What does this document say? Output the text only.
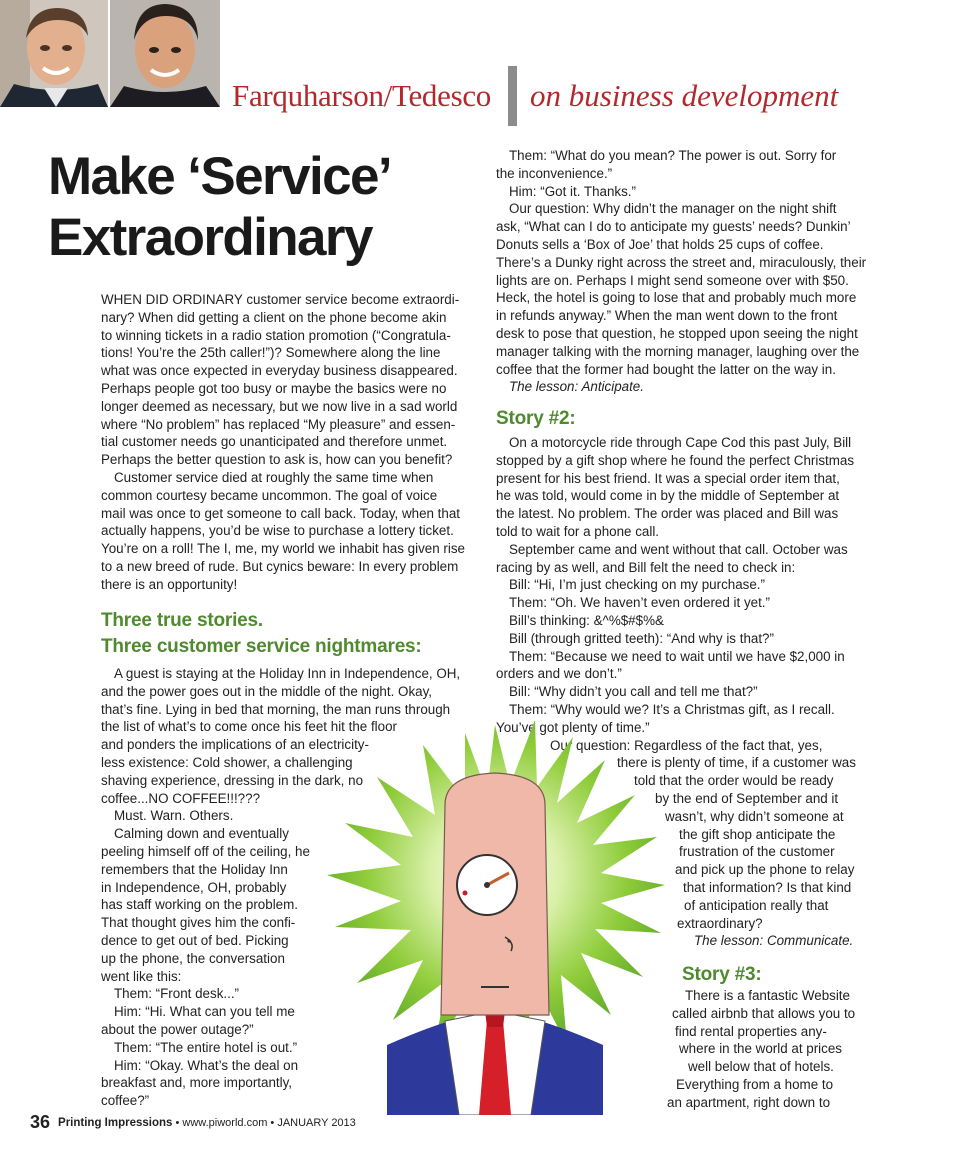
Farquharson/Tedesco on business development
Make ‘Service’
Extraordinary
Three true stories.
Three customer service nightmares:
Story #2:
Story #3:
WHEN DID ORDINARY customer service become extraordi-
nary? When did getting a client on the phone become akin
to winning tickets in a radio station promotion (“Congratula-
tions! You’re the 25th caller!”)? Somewhere along the line
what was once expected in everyday business disappeared.
Perhaps people got too busy or maybe the basics were no
longer deemed as necessary, but we now live in a sad world
where “No problem” has replaced “My pleasure” and essen-
tial customer needs go unanticipated and therefore unmet.
Perhaps the better question to ask is, how can you benefit?
Customer service died at roughly the same time when
common courtesy became uncommon. The goal of voice
mail was once to get someone to call back. Today, when that
actually happens, you’d be wise to purchase a lottery ticket.
You’re on a roll! The I, me, my world we inhabit has given rise
to a new breed of rude. But cynics beware: In every problem
there is an opportunity!
A guest is staying at the Holiday Inn in Independence, OH,
and the power goes out in the middle of the night. Okay,
that’s fine. Lying in bed that morning, the man runs through
the list of what’s to come once his feet hit the floor
and ponders the implications of an electricity-
less existence: Cold shower, a challenging
shaving experience, dressing in the dark, no
coffee...NO COFFEE!!!???
Must. Warn. Others.
Calming down and eventually
peeling himself off of the ceiling, he
remembers that the Holiday Inn
in Independence, OH, probably
has staff working on the problem.
That thought gives him the confi-
dence to get out of bed. Picking
up the phone, the conversation
went like this:
Them: “Front desk...”
Him: “Hi. What can you tell me
about the power outage?”
Them: “The entire hotel is out.”
Him: “Okay. What’s the deal on
breakfast and, more importantly,
coffee?”
Them: “What do you mean? The power is out. Sorry for
the inconvenience.”
Him: “Got it. Thanks.”
Our question: Why didn’t the manager on the night shift
ask, “What can I do to anticipate my guests’ needs? Dunkin’
Donuts sells a ‘Box of Joe’ that holds 25 cups of coffee.
There’s a Dunky right across the street and, miraculously, their
lights are on. Perhaps I might send someone over with $50.
Heck, the hotel is going to lose that and probably much more
in refunds anyway.” When the man went down to the front
desk to pose that question, he stopped upon seeing the night
manager talking with the morning manager, laughing over the
coffee that the former had bought the latter on the way in.
The lesson: Anticipate.
On a motorcycle ride through Cape Cod this past July, Bill
stopped by a gift shop where he found the perfect Christmas
present for his best friend. It was a special order item that,
he was told, would come in by the middle of September at
the latest. No problem. The order was placed and Bill was
told to wait for a phone call.
September came and went without that call. October was
racing by as well, and Bill felt the need to check in:
Bill: “Hi, I’m just checking on my purchase.”
Them: “Oh. We haven’t even ordered it yet.”
Bill’s thinking: &^%$#$%&
Bill (through gritted teeth): “And why is that?”
Them: “Because we need to wait until we have $2,000 in
orders and we don’t.”
Bill: “Why didn’t you call and tell me that?”
Them: “Why would we? It’s a Christmas gift, as I recall.
You’ve got plenty of time.”
Our question: Regardless of the fact that, yes,
there is plenty of time, if a customer was
told that the order would be ready
by the end of September and it
wasn’t, why didn’t someone at
the gift shop anticipate the
frustration of the customer
and pick up the phone to relay
that information? Is that kind
of anticipation really that
extraordinary?
The lesson: Communicate.
There is a fantastic Website
called airbnb that allows you to
find rental properties any-
where in the world at prices
well below that of hotels.
Everything from a home to
an apartment, right down to
36 Printing Impressions • www.piworld.com • JANUARY 2013
